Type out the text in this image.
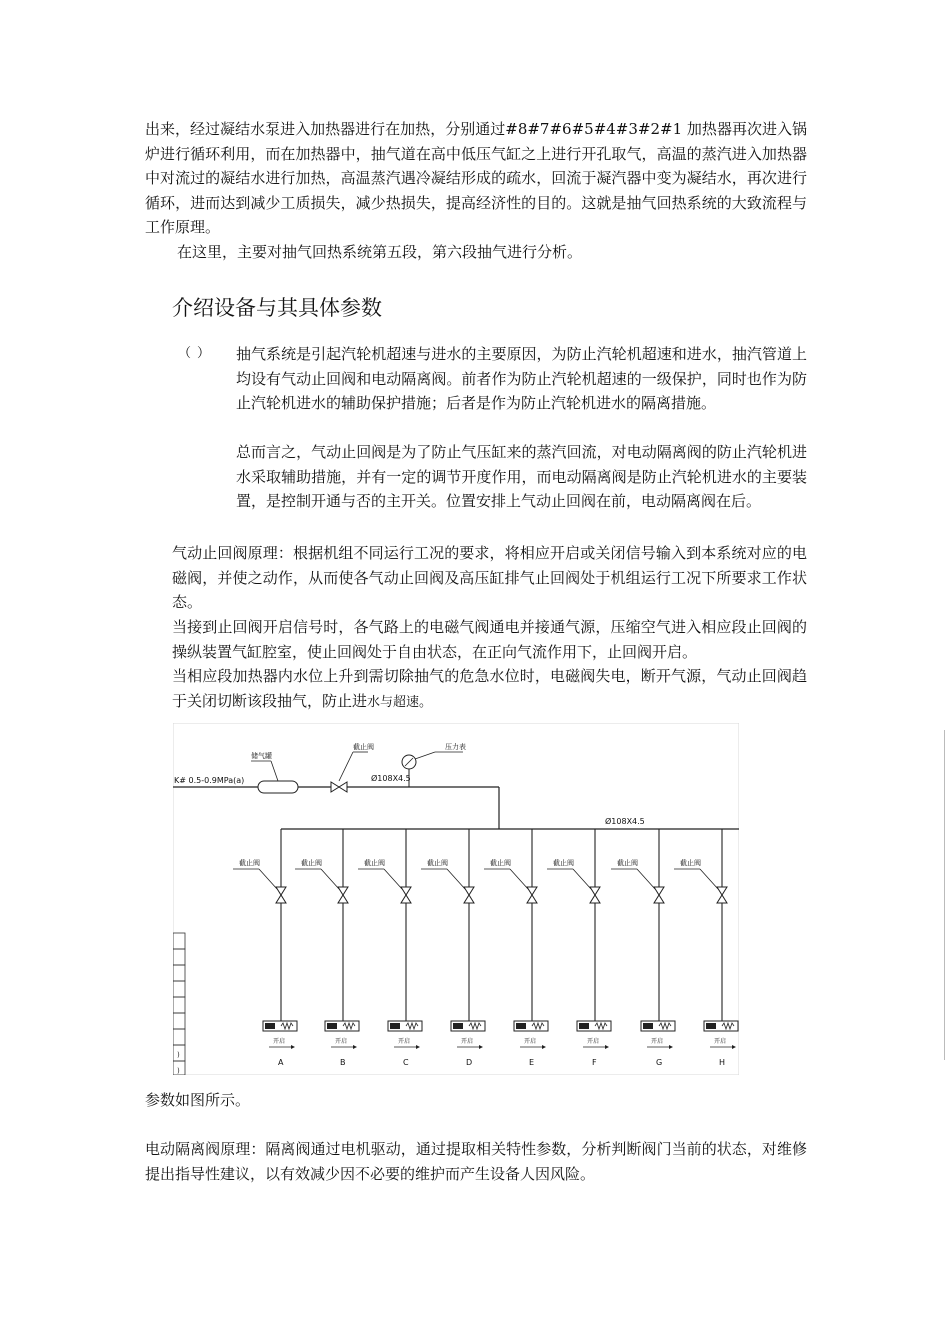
出来，经过凝结水泵进入加热器进行在加热，分别通过#8#7#6#5#4#3#2#1 加热器再次进入锅炉进行循环利用，而在加热器中，抽气道在高中低压气缸之上进行开孔取气，高温的蒸汽进入加热器中对流过的凝结水进行加热，高温蒸汽遇冷凝结形成的疏水，回流于凝汽器中变为凝结水，再次进行循环，进而达到减少工质损失，减少热损失，提高经济性的目的。这就是抽气回热系统的大致流程与工作原理。

在这里，主要对抽气回热系统第五段，第六段抽气进行分析。

介绍设备与其具体参数
（） 抽气系统是引起汽轮机超速与进水的主要原因，为防止汽轮机超速和进水，抽汽管道上均设有气动止回阀和电动隔离阀。前者作为防止汽轮机超速的一级保护，同时也作为防止汽轮机进水的辅助保护措施；后者是作为防止汽轮机进水的隔离措施。

总而言之，气动止回阀是为了防止气压缸来的蒸汽回流，对电动隔离阀的防止汽轮机进水采取辅助措施，并有一定的调节开度作用，而电动隔离阀是防止汽轮机进水的主要装置，是控制开通与否的主开关。位置安排上气动止回阀在前，电动隔离阀在后。

气动止回阀原理：根据机组不同运行工况的要求，将相应开启或关闭信号输入到本系统对应的电磁阀，并使之动作，从而使各气动止回阀及高压缸排气止回阀处于机组运行工况下所要求工作状态。

当接到止回阀开启信号时，各气路上的电磁气阀通电并接通气源，压缩空气进入相应段止回阀的操纵装置气缸腔室，使止回阀处于自由状态，在正向气流作用下，止回阀开启。

当相应段加热器内水位上升到需切除抽气的危急水位时，电磁阀失电，断开气源，气动止回阀趋于关闭切断该段抽气，防止进水与超速。

)
)
K# 0.5-0.9MPa(a)
储气罐
截止阀
Ø108X4.5
压力表
Ø108X4.5
截止阀
开启
A
截止阀
开启
B
截止阀
开启
C
截止阀
开启
D
截止阀
开启
E
截止阀
开启
F
截止阀
开启
G
截止阀
开启
H

参数如图所示。

电动隔离阀原理：隔离阀通过电机驱动，通过提取相关特性参数，分析判断阀门当前的状态，对维修提出指导性建议，以有效减少因不必要的维护而产生设备人因风险。
